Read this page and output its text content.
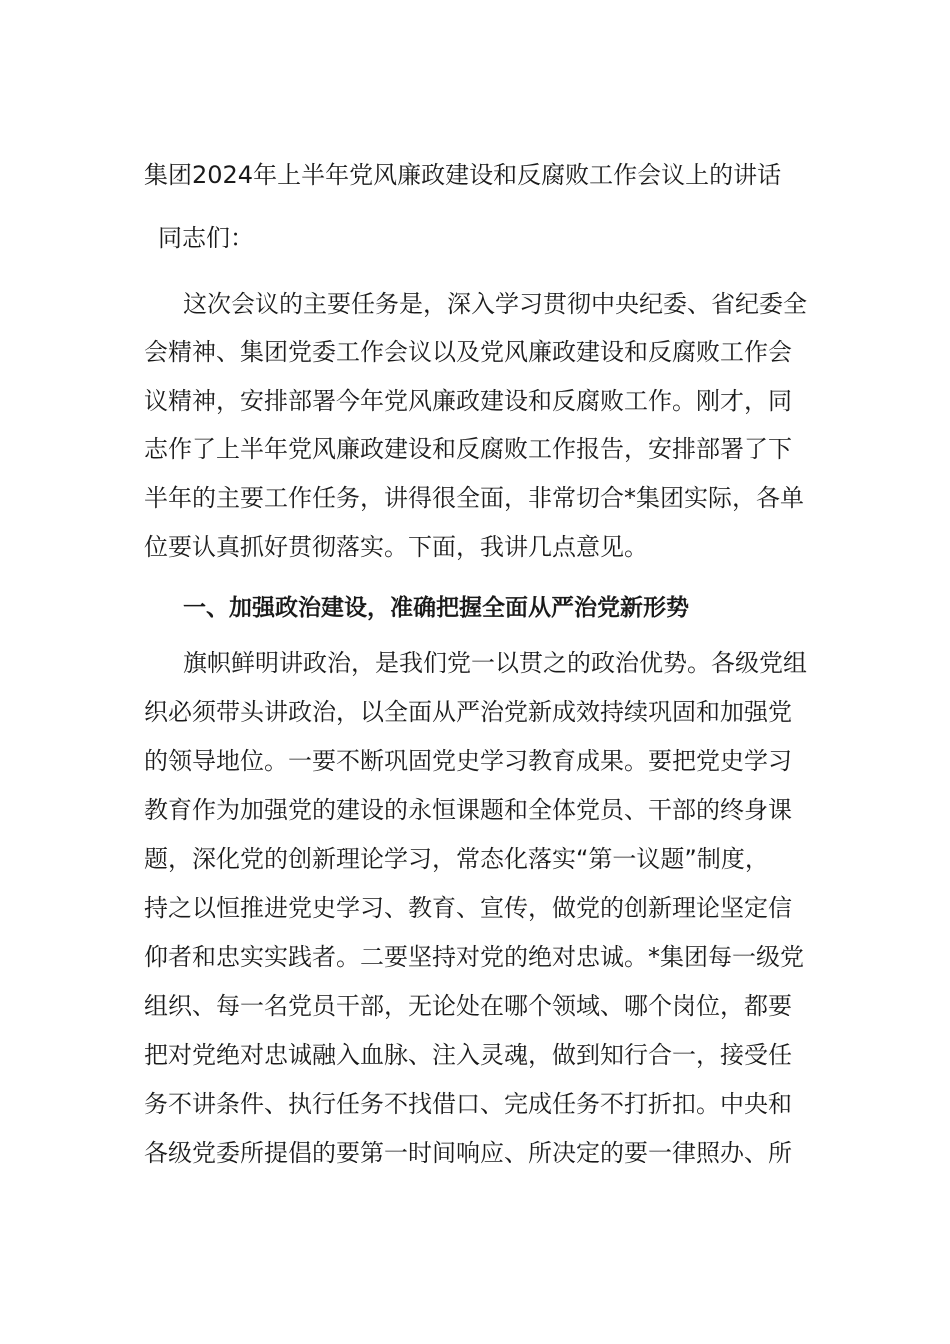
集团2024年上半年党风廉政建设和反腐败工作会议上的讲话
同志们：
这次会议的主要任务是，深入学习贯彻中央纪委、省纪委全
会精神、集团党委工作会议以及党风廉政建设和反腐败工作会
议精神，安排部署今年党风廉政建设和反腐败工作。刚才，同
志作了上半年党风廉政建设和反腐败工作报告，安排部署了下
半年的主要工作任务，讲得很全面，非常切合*集团实际，各单
位要认真抓好贯彻落实。下面，我讲几点意见。
一、加强政治建设，准确把握全面从严治党新形势
旗帜鲜明讲政治，是我们党一以贯之的政治优势。各级党组
织必须带头讲政治，以全面从严治党新成效持续巩固和加强党
的领导地位。一要不断巩固党史学习教育成果。要把党史学习
教育作为加强党的建设的永恒课题和全体党员、干部的终身课
题，深化党的创新理论学习，常态化落实“第一议题”制度，
持之以恒推进党史学习、教育、宣传，做党的创新理论坚定信
仰者和忠实实践者。二要坚持对党的绝对忠诚。*集团每一级党
组织、每一名党员干部，无论处在哪个领域、哪个岗位，都要
把对党绝对忠诚融入血脉、注入灵魂，做到知行合一，接受任
务不讲条件、执行任务不找借口、完成任务不打折扣。中央和
各级党委所提倡的要第一时间响应、所决定的要一律照办、所
